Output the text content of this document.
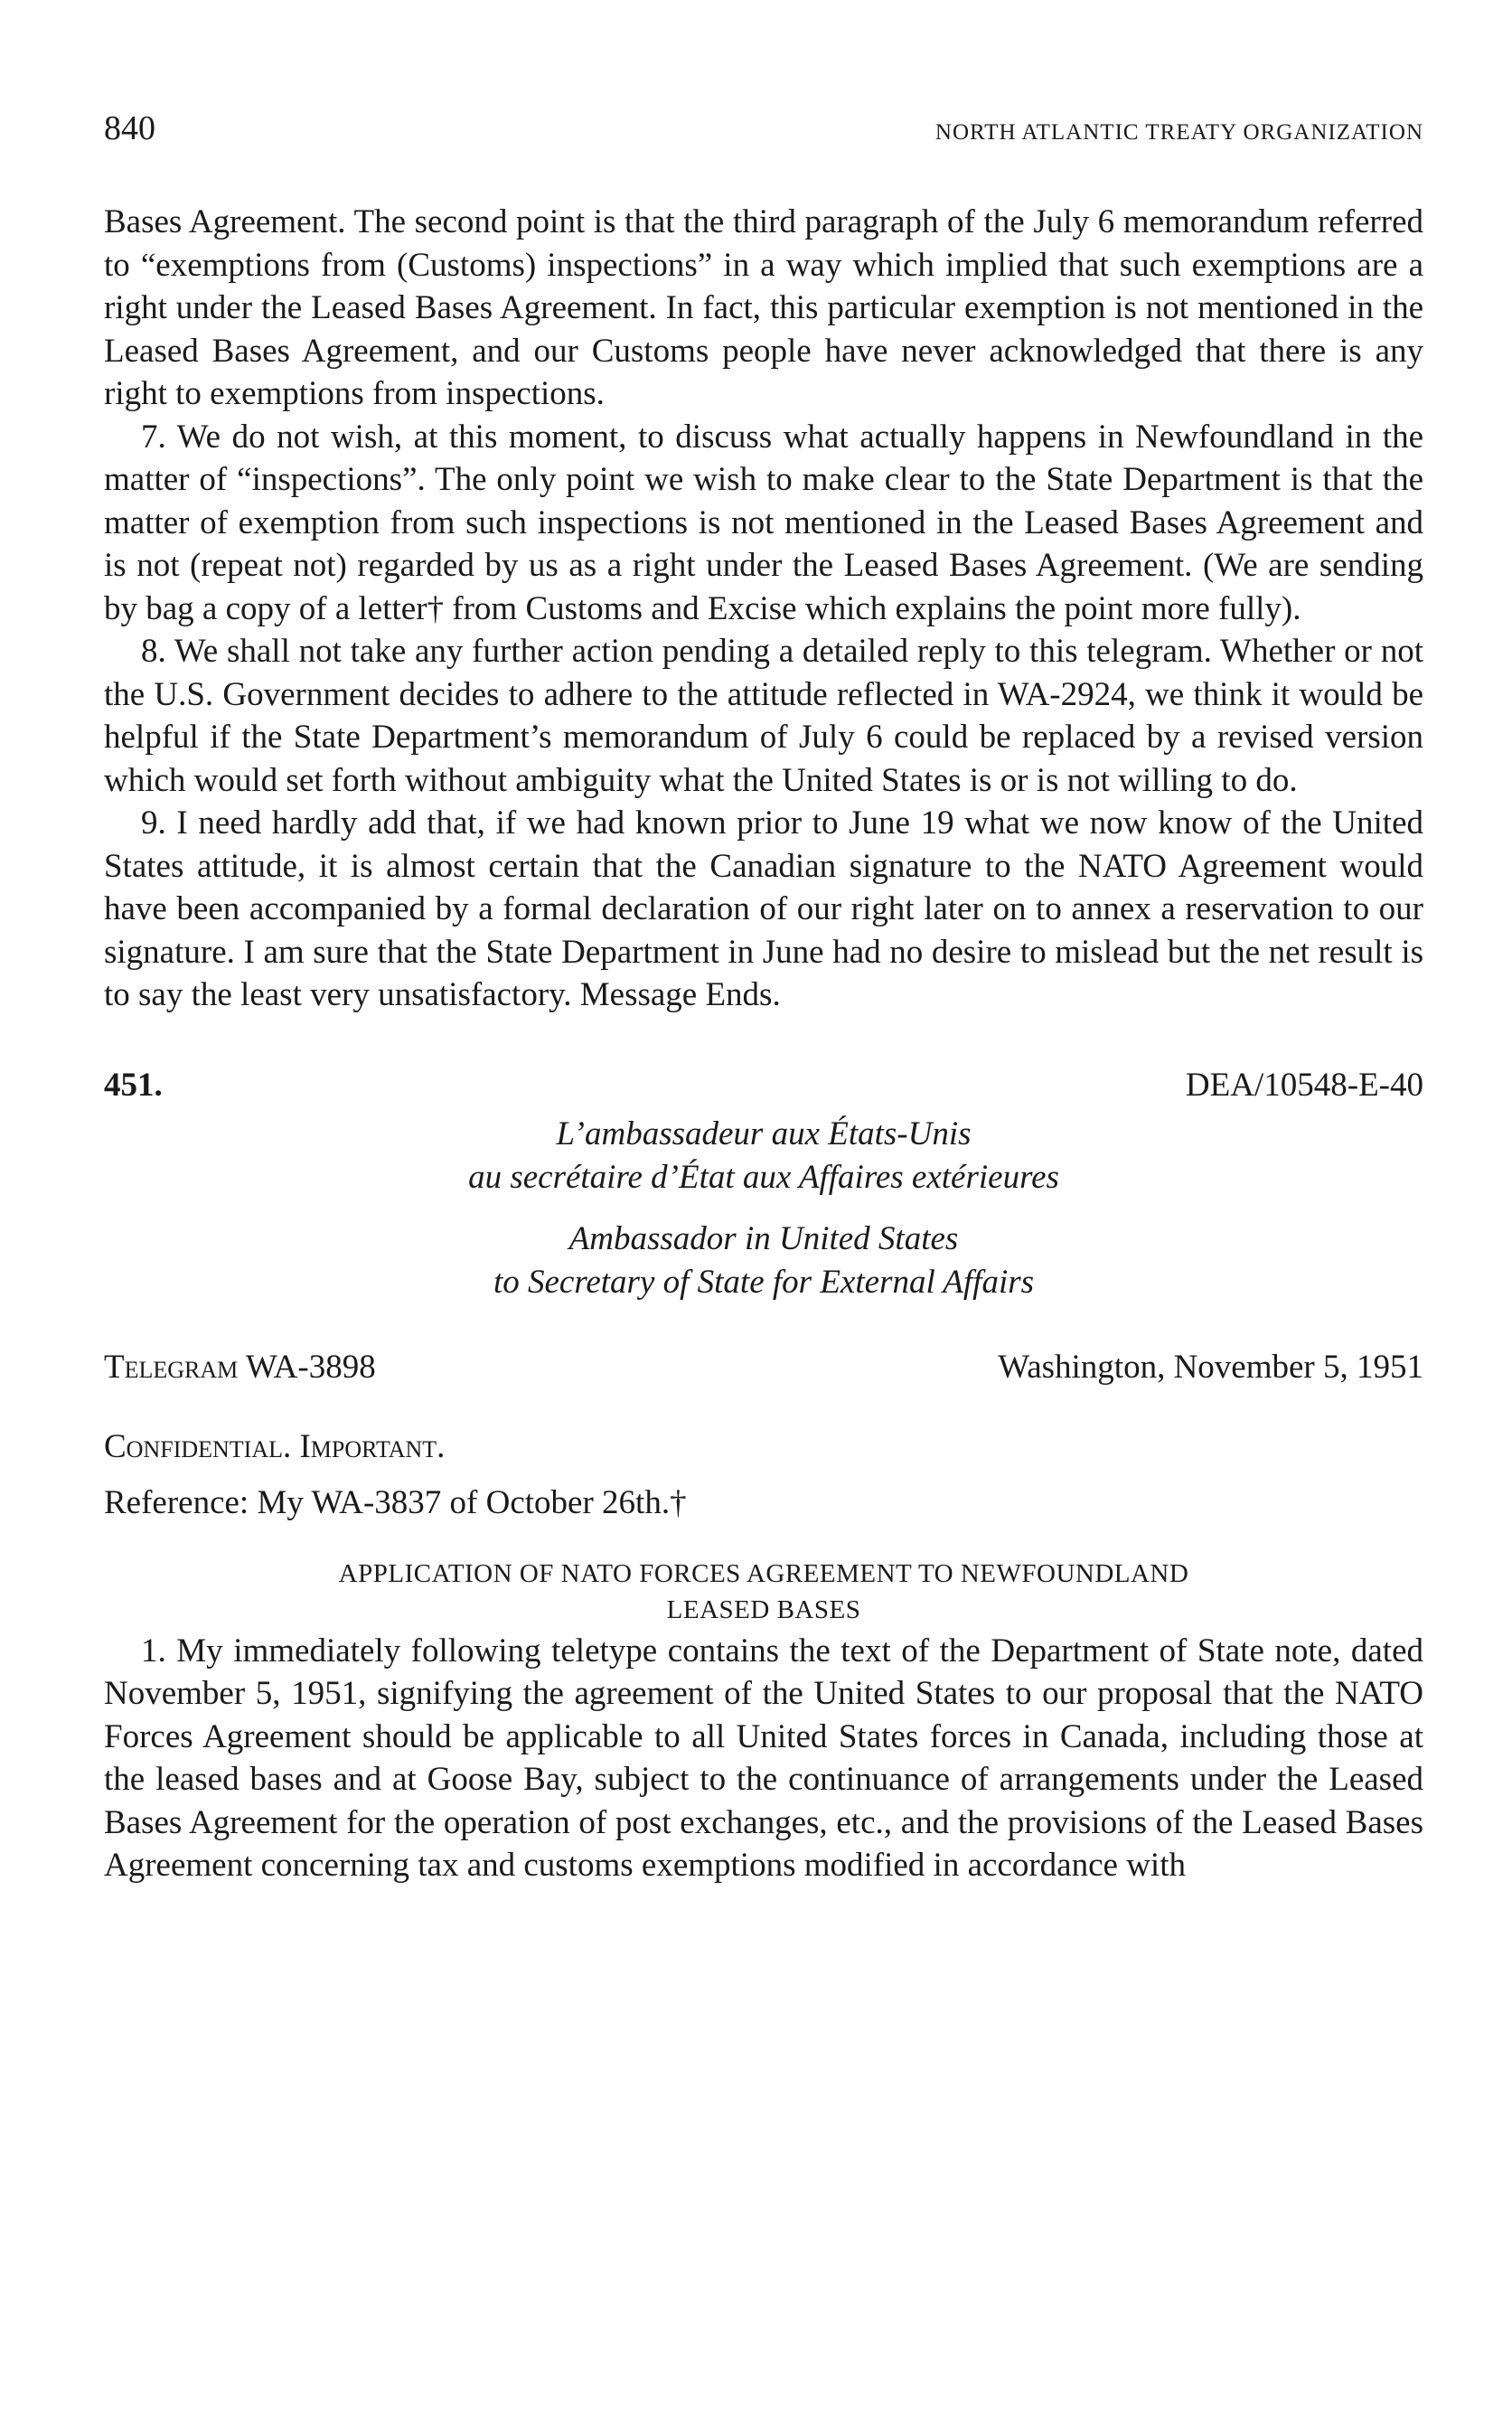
840	NORTH ATLANTIC TREATY ORGANIZATION

Bases Agreement. The second point is that the third paragraph of the July 6 memorandum referred to “exemptions from (Customs) inspections” in a way which implied that such exemptions are a right under the Leased Bases Agreement. In fact, this particular exemption is not mentioned in the Leased Bases Agreement, and our Customs people have never acknowledged that there is any right to exemptions from inspections.

7. We do not wish, at this moment, to discuss what actually happens in Newfoundland in the matter of “inspections”. The only point we wish to make clear to the State Department is that the matter of exemption from such inspections is not mentioned in the Leased Bases Agreement and is not (repeat not) regarded by us as a right under the Leased Bases Agreement. (We are sending by bag a copy of a letter† from Customs and Excise which explains the point more fully).

8. We shall not take any further action pending a detailed reply to this telegram. Whether or not the U.S. Government decides to adhere to the attitude reflected in WA-2924, we think it would be helpful if the State Department’s memorandum of July 6 could be replaced by a revised version which would set forth without ambiguity what the United States is or is not willing to do.

9. I need hardly add that, if we had known prior to June 19 what we now know of the United States attitude, it is almost certain that the Canadian signature to the NATO Agreement would have been accompanied by a formal declaration of our right later on to annex a reservation to our signature. I am sure that the State Department in June had no desire to mislead but the net result is to say the least very unsatisfactory. Message Ends.

451.	DEA/10548-E-40
L’ambassadeur aux États-Unis
au secrétaire d’État aux Affaires extérieures
Ambassador in United States
to Secretary of State for External Affairs
Telegram WA-3898	Washington, November 5, 1951
Confidential. Important.
Reference: My WA-3837 of October 26th.†
APPLICATION OF NATO FORCES AGREEMENT TO NEWFOUNDLAND
LEASED BASES

1. My immediately following teletype contains the text of the Department of State note, dated November 5, 1951, signifying the agreement of the United States to our proposal that the NATO Forces Agreement should be applicable to all United States forces in Canada, including those at the leased bases and at Goose Bay, subject to the continuance of arrangements under the Leased Bases Agreement for the operation of post exchanges, etc., and the provisions of the Leased Bases Agreement concerning tax and customs exemptions modified in accordance with
